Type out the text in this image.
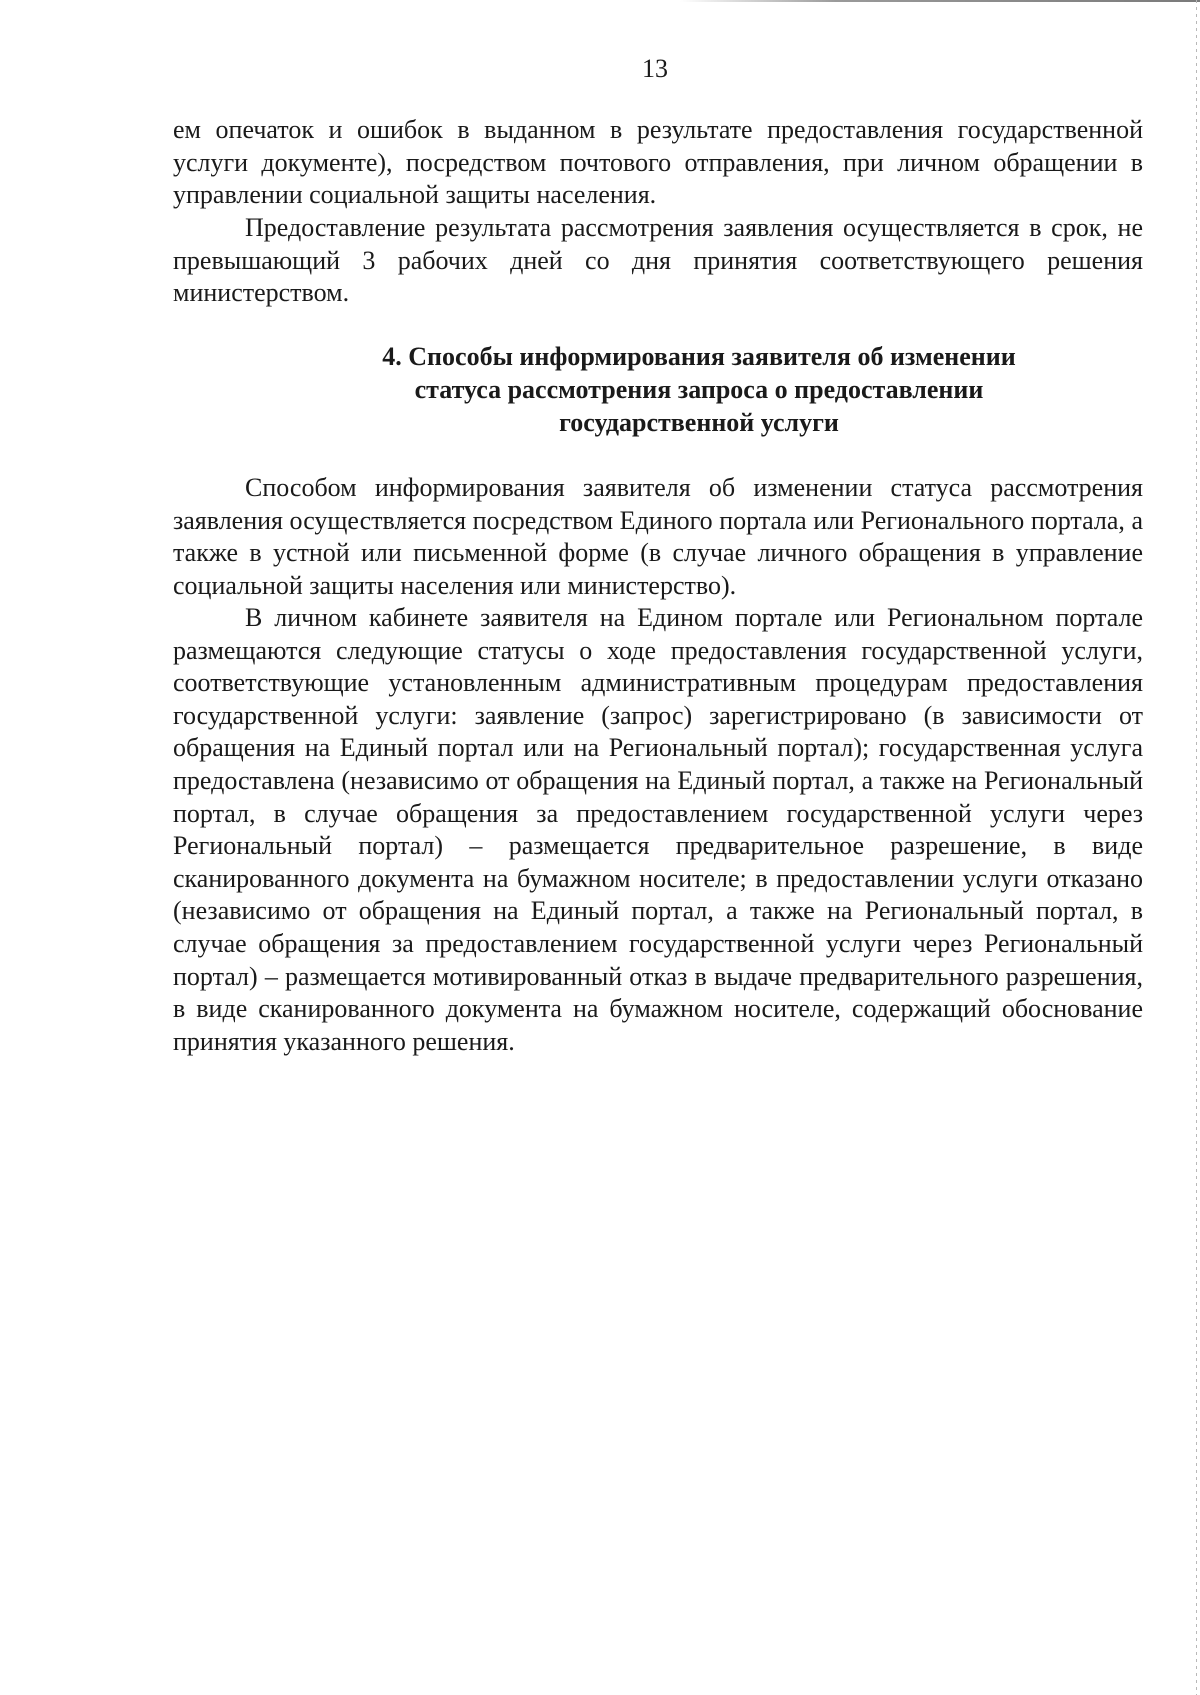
13

ем опечаток и ошибок в выданном в результате предоставления государственной услуги документе), посредством почтового отправления, при личном обращении в управлении социальной защиты населения.

Предоставление результата рассмотрения заявления осуществляется в срок, не превышающий 3 рабочих дней со дня принятия соответствующего решения министерством.

4. Способы информирования заявителя об изменении
статуса рассмотрения запроса о предоставлении
государственной услуги

Способом информирования заявителя об изменении статуса рассмотрения заявления осуществляется посредством Единого портала или Регионального портала, а также в устной или письменной форме (в случае личного обращения в управление социальной защиты населения или министерство).

В личном кабинете заявителя на Едином портале или Региональном портале размещаются следующие статусы о ходе предоставления государственной услуги, соответствующие установленным административным процедурам предоставления государственной услуги: заявление (запрос) зарегистрировано (в зависимости от обращения на Единый портал или на Региональный портал); государственная услуга предоставлена (независимо от обращения на Единый портал, а также на Региональный портал, в случае обращения за предоставлением государственной услуги через Региональный портал) – размещается предварительное разрешение, в виде сканированного документа на бумажном носителе; в предоставлении услуги отказано (независимо от обращения на Единый портал, а также на Региональный портал, в случае обращения за предоставлением государственной услуги через Региональный портал) – размещается мотивированный отказ в выдаче предварительного разрешения, в виде сканированного документа на бумажном носителе, содержащий обоснование принятия указанного решения.
